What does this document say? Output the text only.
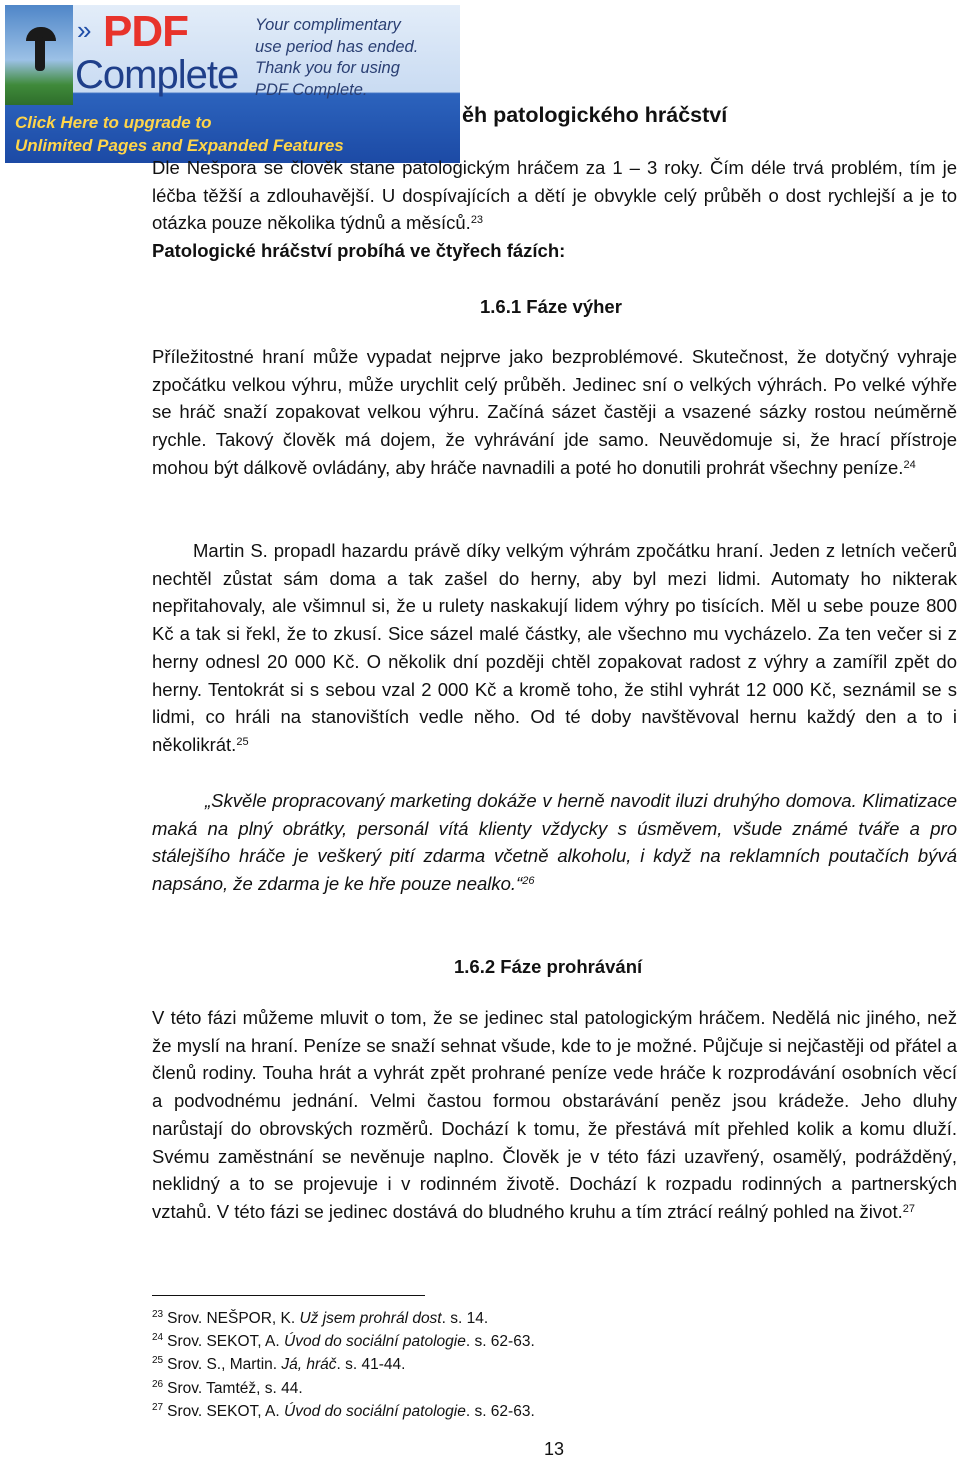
» PDF
Complete
Your complimentary
use period has ended.
Thank you for using
PDF Complete.
Click Here to upgrade to
Unlimited Pages and Expanded Features
ěh patologického hráčství

Dle Nešpora se člověk stane patologickým hráčem za 1 – 3 roky. Čím déle trvá problém, tím je léčba těžší a zdlouhavější. U dospívajících a dětí je obvykle celý průběh o dost rychlejší a je to otázka pouze několika týdnů a měsíců.$^{23}$

Patologické hráčství probíhá ve čtyřech fázích:
1.6.1 Fáze výher

Příležitostné hraní může vypadat nejprve jako bezproblémové. Skutečnost, že dotyčný vyhraje zpočátku velkou výhru, může urychlit celý průběh. Jedinec sní o velkých výhrách. Po velké výhře se hráč snaží zopakovat velkou výhru. Začíná sázet častěji a vsazené sázky rostou neúměrně rychle. Takový člověk má dojem, že vyhrávání jde samo. Neuvědomuje si, že hrací přístroje mohou být dálkově ovládány, aby hráče navnadili a poté ho donutili prohrát všechny peníze.$^{24}$

Martin S. propadl hazardu právě díky velkým výhrám zpočátku hraní. Jeden z letních večerů nechtěl zůstat sám doma a tak zašel do herny, aby byl mezi lidmi. Automaty ho nikterak nepřitahovaly, ale všimnul si, že u rulety naskakují lidem výhry po tisících. Měl u sebe pouze 800 Kč a tak si řekl, že to zkusí. Sice sázel malé částky, ale všechno mu vycházelo. Za ten večer si z herny odnesl 20 000 Kč. O několik dní později chtěl zopakovat radost z výhry a zamířil zpět do herny. Tentokrát si s sebou vzal 2 000 Kč a kromě toho, že stihl vyhrát 12 000 Kč, seznámil se s lidmi, co hráli na stanovištích vedle něho. Od té doby navštěvoval hernu každý den a to i několikrát.$^{25}$

„Skvěle propracovaný marketing dokáže v herně navodit iluzi druhýho domova. Klimatizace maká na plný obrátky, personál vítá klienty vždycky s úsměvem, všude známé tváře a pro stálejšího hráče je veškerý pití zdarma včetně alkoholu, i když na reklamních poutačích bývá napsáno, že zdarma je ke hře pouze nealko.“$^{26}$

1.6.2 Fáze prohrávání

V této fázi můžeme mluvit o tom, že se jedinec stal patologickým hráčem. Nedělá nic jiného, než že myslí na hraní. Peníze se snaží sehnat všude, kde to je možné. Půjčuje si nejčastěji od přátel a členů rodiny. Touha hrát a vyhrát zpět prohrané peníze vede hráče k rozprodávání osobních věcí a podvodnému jednání. Velmi častou formou obstarávání peněz jsou krádeže. Jeho dluhy narůstají do obrovských rozměrů. Dochází k tomu, že přestává mít přehled kolik a komu dluží. Svému zaměstnání se nevěnuje naplno. Člověk je v této fázi uzavřený, osamělý, podrážděný, neklidný a to se projevuje i v rodinném životě. Dochází k rozpadu rodinných a partnerských vztahů. V této fázi se jedinec dostává do bludného kruhu a tím ztrácí reálný pohled na život.$^{27}$

$^{23}$ Srov. NEŠPOR, K. Už jsem prohrál dost. s. 14.
$^{24}$ Srov. SEKOT, A. Úvod do sociální patologie. s. 62-63.
$^{25}$ Srov. S., Martin. Já, hráč. s. 41-44.
$^{26}$ Srov. Tamtéž, s. 44.
$^{27}$ Srov. SEKOT, A. Úvod do sociální patologie. s. 62-63.
13
